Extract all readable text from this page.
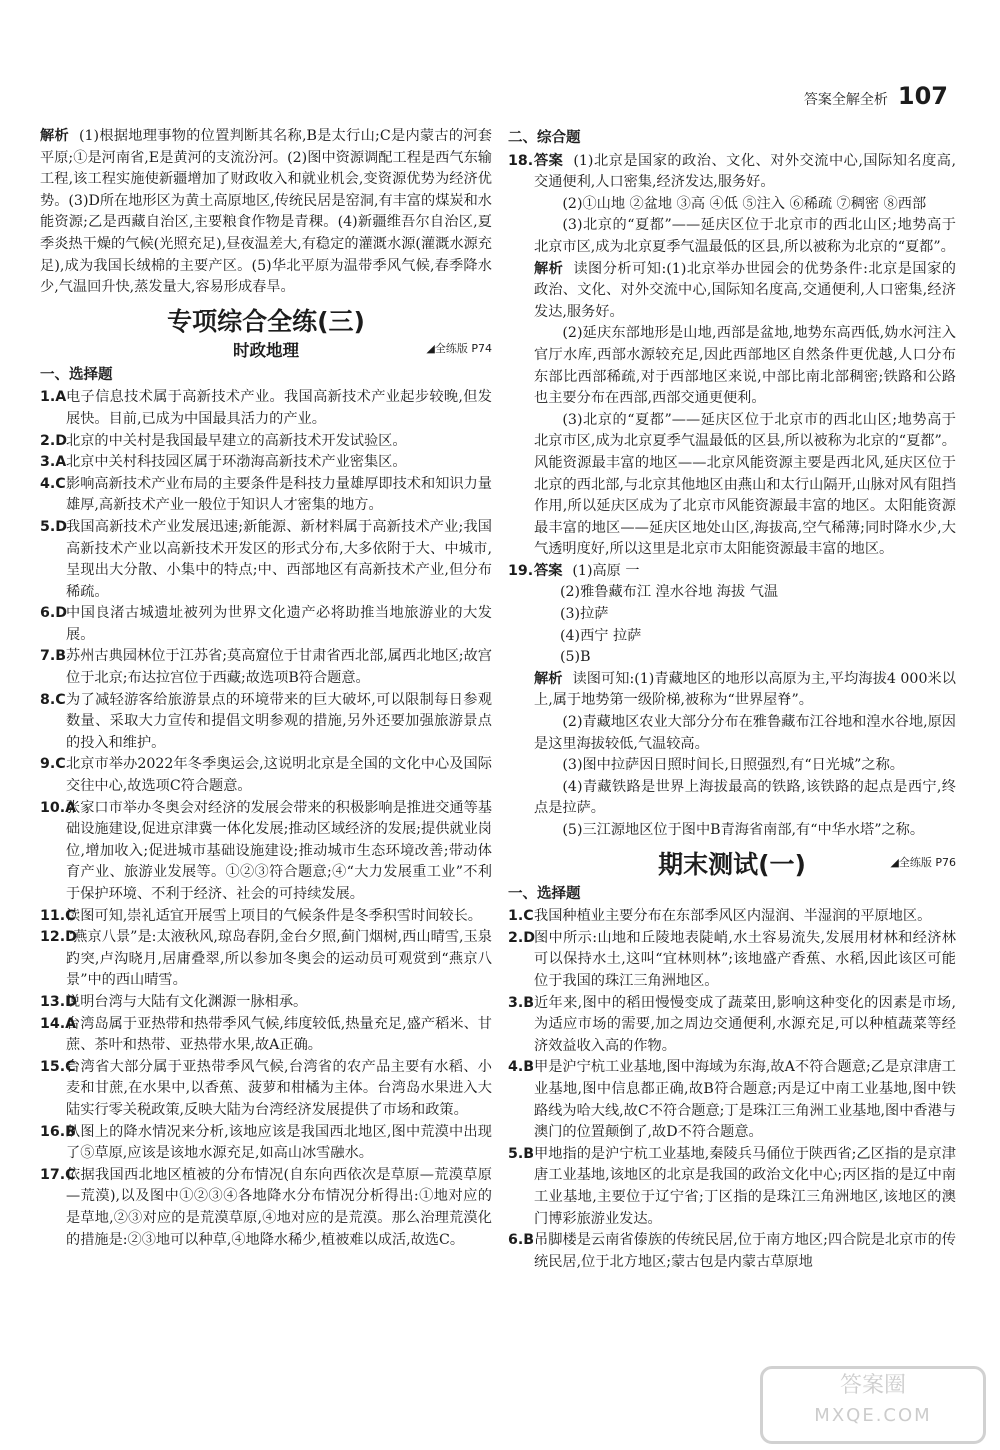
答案全解全析 107

解析 (1)根据地理事物的位置判断其名称,B是太行山;C是内蒙古的河套平原;①是河南省,E是黄河的支流汾河。(2)图中资源调配工程是西气东输工程,该工程实施使新疆增加了财政收入和就业机会,变资源优势为经济优势。(3)D所在地形区为黄土高原地区,传统民居是窑洞,有丰富的煤炭和水能资源;乙是西藏自治区,主要粮食作物是青稞。(4)新疆维吾尔自治区,夏季炎热干燥的气候(光照充足),昼夜温差大,有稳定的灌溉水源(灌溉水源充足),成为我国长绒棉的主要产区。(5)华北平原为温带季风气候,春季降水少,气温回升快,蒸发量大,容易形成春旱。

专项综合全练(三)
时政地理	◢全练版 P74
一、选择题
1.A 电子信息技术属于高新技术产业。我国高新技术产业起步较晚,但发展快。目前,已成为中国最具活力的产业。

2.D

北京的中关村是我国最早建立的高新技术开发试验区。

3.A 北京中关村科技园区属于环渤海高新技术产业密集区。

4.C 影响高新技术产业布局的主要条件是科技力量雄厚即技术和知识力量雄厚,高新技术产业一般位于知识人才密集的地方。

5.D

我国高新技术产业发展迅速;新能源、新材料属于高新技术产业;我国高新技术产业以高新技术开发区的形式分布,大多依附于大、中城市,呈现出大分散、小集中的特点;中、西部地区有高新技术产业,但分布稀疏。

6.D

中国良渚古城遗址被列为世界文化遗产必将助推当地旅游业的大发展。

7.B 苏州古典园林位于江苏省;莫高窟位于甘肃省西北部,属西北地区;故宫位于北京;布达拉宫位于西藏;故选项B符合题意。

8.C 为了减轻游客给旅游景点的环境带来的巨大破坏,可以限制每日参观数量、采取大力宣传和提倡文明参观的措施,另外还要加强旅游景点的投入和维护。

9.C 北京市举办2022年冬季奥运会,这说明北京是全国的文化中心及国际交往中心,故选项C符合题意。

10.A

张家口市举办冬奥会对经济的发展会带来的积极影响是推进交通等基础设施建设,促进京津冀一体化发展;推动区域经济的发展;提供就业岗位,增加收入;促进城市基础设施建设;推动城市生态环境改善;带动体育产业、旅游业发展等。①②③符合题意;④“大力发展重工业”不利于保护环境、不利于经济、社会的可持续发展。

11.C

读图可知,崇礼适宜开展雪上项目的气候条件是冬季积雪时间较长。

12.D

“燕京八景”是:太液秋风,琼岛春阴,金台夕照,蓟门烟树,西山晴雪,玉泉趵突,卢沟晓月,居庸叠翠,所以参加冬奥会的运动员可观赏到“燕京八景”中的西山晴雪。

13.D

说明台湾与大陆有文化渊源一脉相承。

14.A

台湾岛属于亚热带和热带季风气候,纬度较低,热量充足,盛产稻米、甘蔗、茶叶和热带、亚热带水果,故A正确。

15.C

台湾省大部分属于亚热带季风气候,台湾省的农产品主要有水稻、小麦和甘蔗,在水果中,以香蕉、菠萝和柑橘为主体。台湾岛水果进入大陆实行零关税政策,反映大陆为台湾经济发展提供了市场和政策。

16.B

从图上的降水情况来分析,该地应该是我国西北地区,图中荒漠中出现了⑤草原,应该是该地水源充足,如高山冰雪融水。

17.C

依据我国西北地区植被的分布情况(自东向西依次是草原—荒漠草原—荒漠),以及图中①②③④各地降水分布情况分析得出:①地对应的是草地,②③对应的是荒漠草原,④地对应的是荒漠。那么治理荒漠化的措施是:②③地可以种草,④地降水稀少,植被难以成活,故选C。

二、综合题
18. 答案 (1)北京是国家的政治、文化、对外交流中心,国际知名度高,交通便利,人口密集,经济发达,服务好。

(2)①山地 ②盆地 ③高 ④低 ⑤注入 ⑥稀疏 ⑦稠密 ⑧西部

(3)北京的“夏都”——延庆区位于北京市的西北山区;地势高于北京市区,成为北京夏季气温最低的区县,所以被称为北京的“夏都”。

解析 读图分析可知:(1)北京举办世园会的优势条件:北京是国家的政治、文化、对外交流中心,国际知名度高,交通便利,人口密集,经济发达,服务好。

(2)延庆东部地形是山地,西部是盆地,地势东高西低,妫水河注入官厅水库,西部水源较充足,因此西部地区自然条件更优越,人口分布东部比西部稀疏,对于西部地区来说,中部比南北部稠密;铁路和公路也主要分布在西部,西部交通更便利。

(3)北京的“夏都”——延庆区位于北京市的西北山区;地势高于北京市区,成为北京夏季气温最低的区县,所以被称为北京的“夏都”。风能资源最丰富的地区——北京风能资源主要是西北风,延庆区位于北京的西北部,与北京其他地区由燕山和太行山隔开,山脉对风有阻挡作用,所以延庆区成为了北京市风能资源最丰富的地区。太阳能资源最丰富的地区——延庆区地处山区,海拔高,空气稀薄;同时降水少,大气透明度好,所以这里是北京市太阳能资源最丰富的地区。

19. 答案 (1)高原 一

(2)雅鲁藏布江 湟水谷地 海拔 气温

(3)拉萨

(4)西宁 拉萨

(5)B

解析 读图可知:(1)青藏地区的地形以高原为主,平均海拔4 000米以上,属于地势第一级阶梯,被称为“世界屋脊”。

(2)青藏地区农业大部分分布在雅鲁藏布江谷地和湟水谷地,原因是这里海拔较低,气温较高。

(3)图中拉萨因日照时间长,日照强烈,有“日光城”之称。

(4)青藏铁路是世界上海拔最高的铁路,该铁路的起点是西宁,终点是拉萨。

(5)三江源地区位于图中B青海省南部,有“中华水塔”之称。

期末测试(一)	◢全练版 P76
一、选择题
1.C 我国种植业主要分布在东部季风区内湿润、半湿润的平原地区。

2.D

图中所示:山地和丘陵地表陡峭,水土容易流失,发展用材林和经济林可以保持水土,这叫“宜林则林”;该地盛产香蕉、水稻,因此该区可能位于我国的珠江三角洲地区。

3.B 近年来,图中的稻田慢慢变成了蔬菜田,影响这种变化的因素是市场,为适应市场的需要,加之周边交通便利,水源充足,可以种植蔬菜等经济效益收入高的作物。

4.B 甲是沪宁杭工业基地,图中海域为东海,故A不符合题意;乙是京津唐工业基地,图中信息都正确,故B符合题意;丙是辽中南工业基地,图中铁路线为哈大线,故C不符合题意;丁是珠江三角洲工业基地,图中香港与澳门的位置颠倒了,故D不符合题意。

5.B 甲地指的是沪宁杭工业基地,秦陵兵马俑位于陕西省;乙区指的是京津唐工业基地,该地区的北京是我国的政治文化中心;丙区指的是辽中南工业基地,主要位于辽宁省;丁区指的是珠江三角洲地区,该地区的澳门博彩旅游业发达。

6.B 吊脚楼是云南省傣族的传统民居,位于南方地区;四合院是北京市的传统民居,位于北方地区;蒙古包是内蒙古草原地

答案圈
MXQE.COM
